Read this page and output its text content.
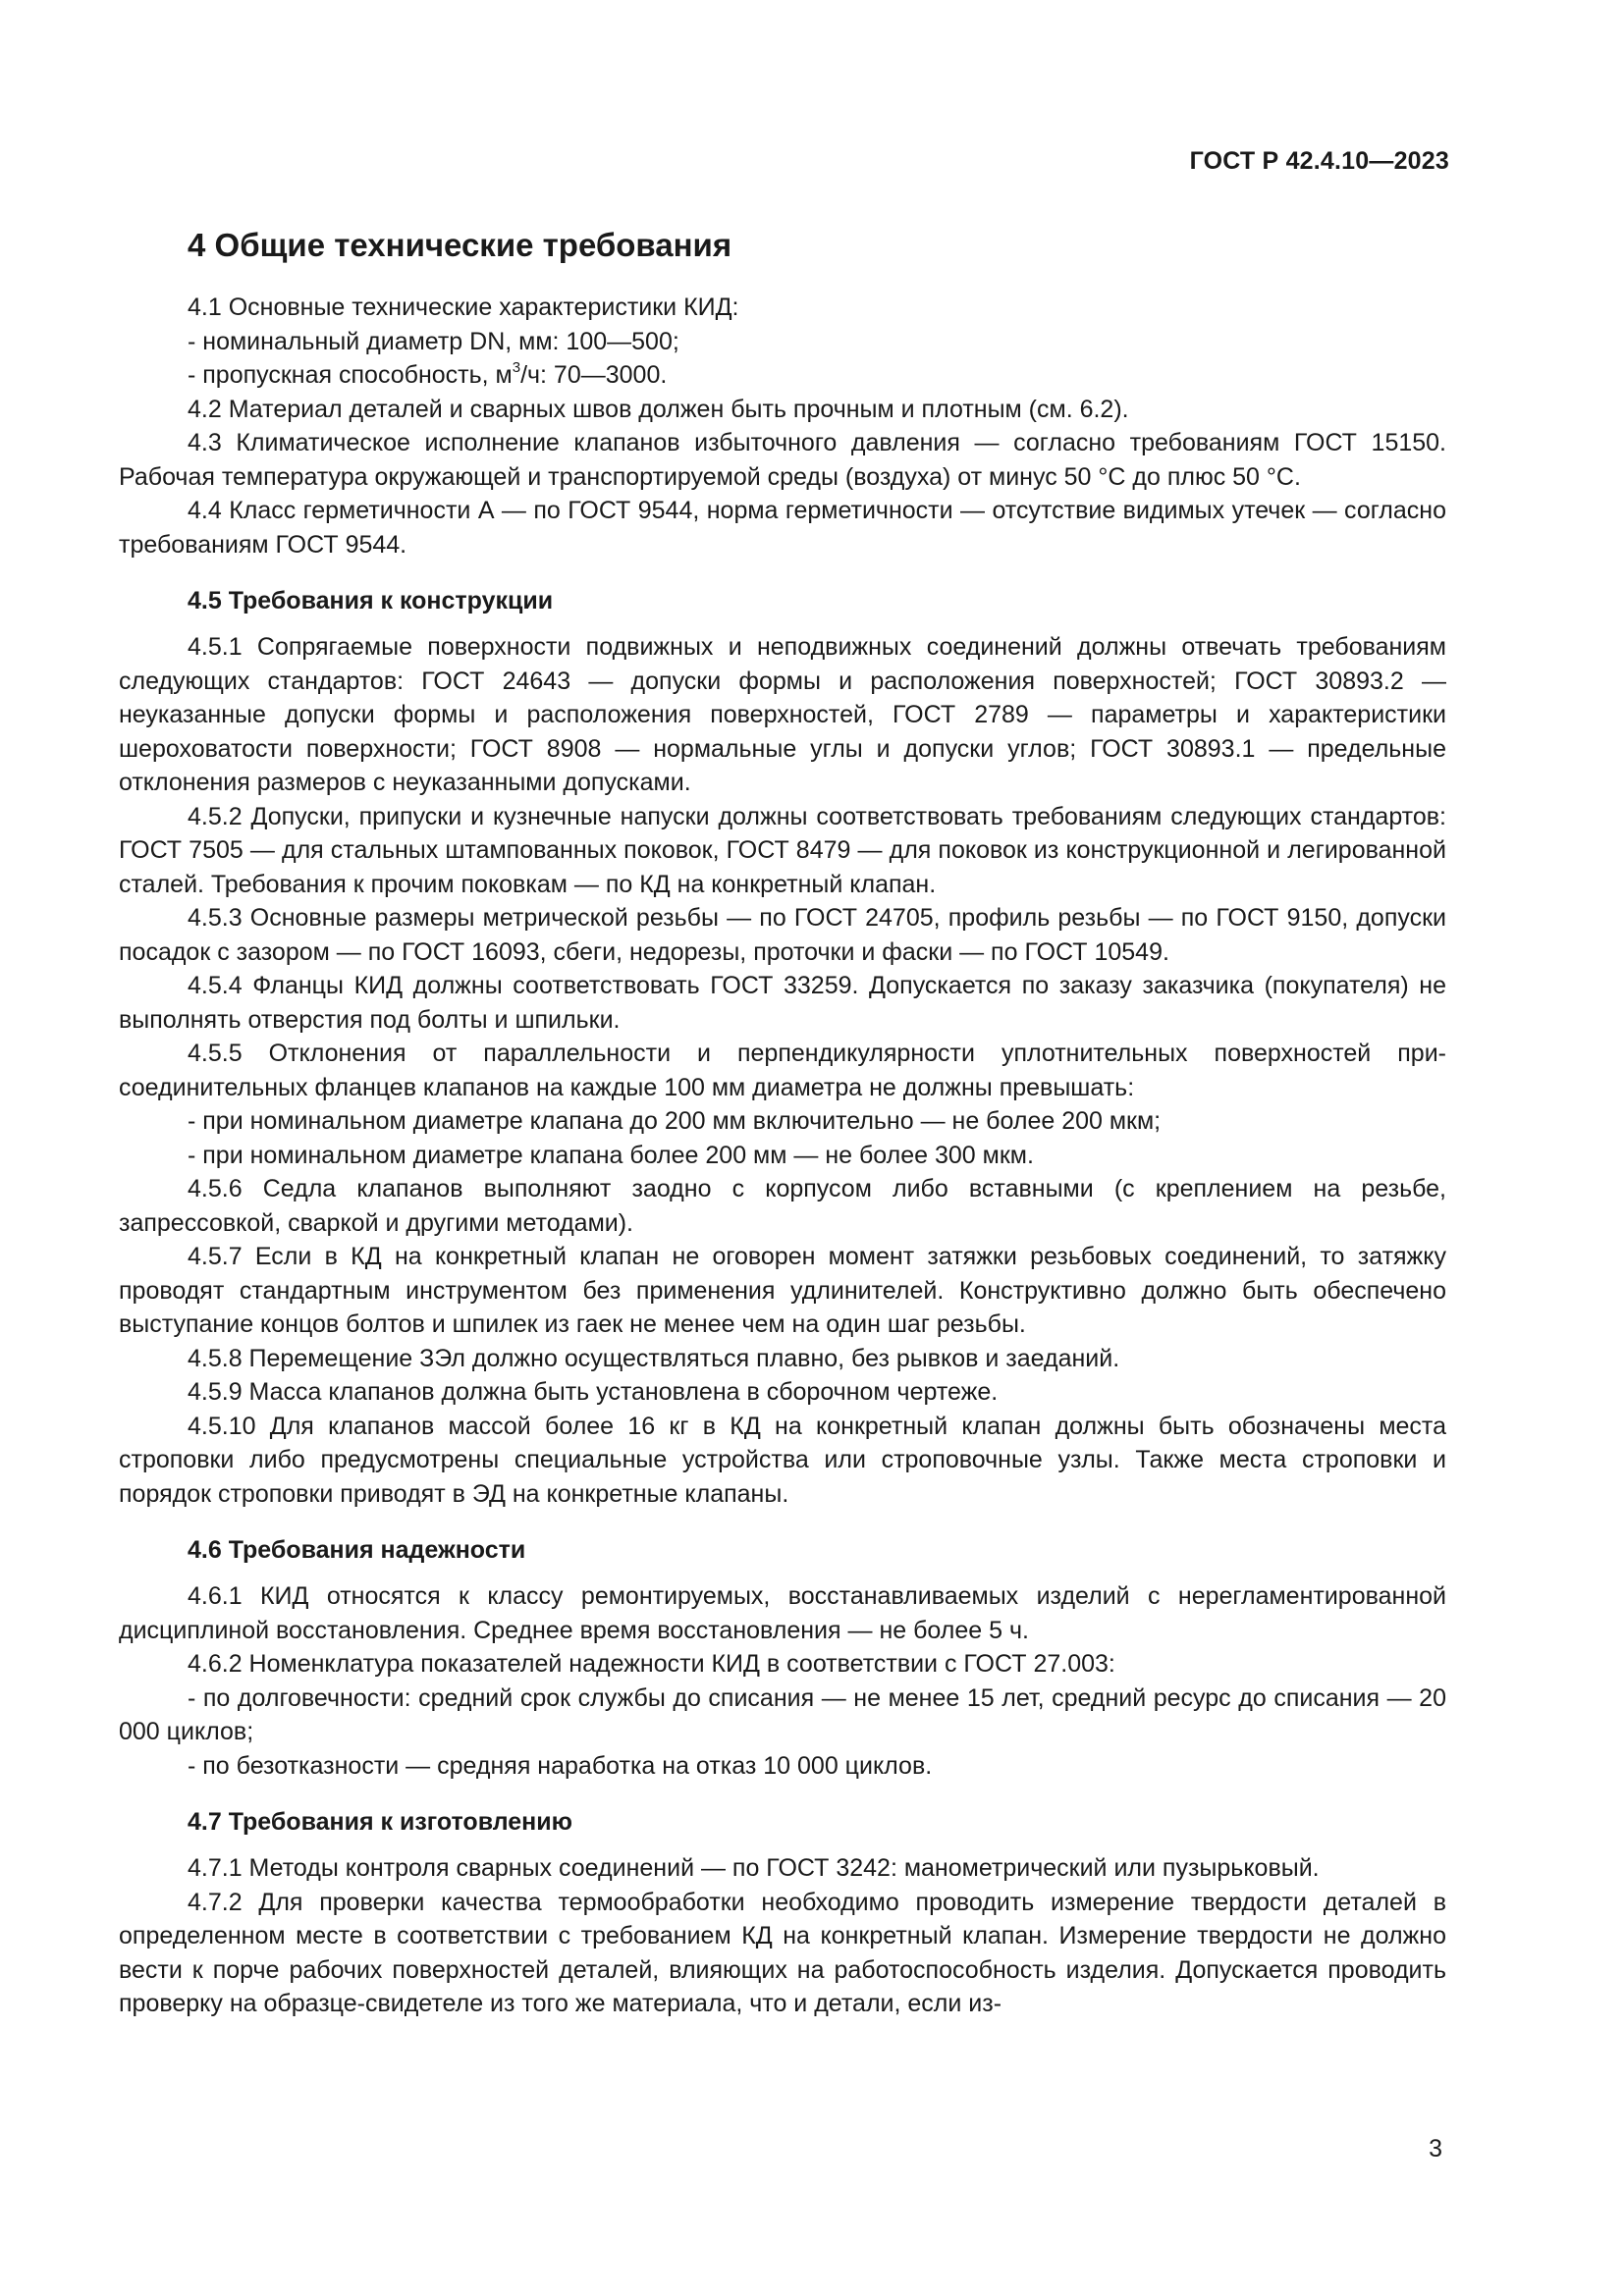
ГОСТ Р 42.4.10—2023
4 Общие технические требования

4.1 Основные технические характеристики КИД:

- номинальный диаметр DN, мм: 100—500;

- пропускная способность, $м^3/ч$: 70—3000.

4.2 Материал деталей и сварных швов должен быть прочным и плотным (см. 6.2).

4.3 Климатическое исполнение клапанов избыточного давления — согласно требованиям ГОСТ 15150. Рабочая температура окружающей и транспортируемой среды (воздуха) от минус 50 °С до плюс 50 °С.

4.4 Класс герметичности А — по ГОСТ 9544, норма герметичности — отсутствие видимых утечек — согласно требованиям ГОСТ 9544.

4.5 Требования к конструкции

4.5.1 Сопрягаемые поверхности подвижных и неподвижных соединений должны отвечать требованиям следующих стандартов: ГОСТ 24643 — допуски формы и расположения поверхностей; ГОСТ 30893.2 — неуказанные допуски формы и расположения поверхностей, ГОСТ 2789 — параметры и характеристики шероховатости поверхности; ГОСТ 8908 — нормальные углы и допуски углов; ГОСТ 30893.1 — предельные отклонения размеров с неуказанными допусками.

4.5.2 Допуски, припуски и кузнечные напуски должны соответствовать требованиям следующих стандартов: ГОСТ 7505 — для стальных штампованных поковок, ГОСТ 8479 — для поковок из конструкционной и легированной сталей. Требования к прочим поковкам — по КД на конкретный клапан.

4.5.3 Основные размеры метрической резьбы — по ГОСТ 24705, профиль резьбы — по ГОСТ 9150, допуски посадок с зазором — по ГОСТ 16093, сбеги, недорезы, проточки и фаски — по ГОСТ 10549.

4.5.4 Фланцы КИД должны соответствовать ГОСТ 33259. Допускается по заказу заказчика (покупателя) не выполнять отверстия под болты и шпильки.

4.5.5 Отклонения от параллельности и перпендикулярности уплотнительных поверхностей присоединительных фланцев клапанов на каждые 100 мм диаметра не должны превышать:

- при номинальном диаметре клапана до 200 мм включительно — не более 200 мкм;

- при номинальном диаметре клапана более 200 мм — не более 300 мкм.

4.5.6 Седла клапанов выполняют заодно с корпусом либо вставными (с креплением на резьбе, запрессовкой, сваркой и другими методами).

4.5.7 Если в КД на конкретный клапан не оговорен момент затяжки резьбовых соединений, то затяжку проводят стандартным инструментом без применения удлинителей. Конструктивно должно быть обеспечено выступание концов болтов и шпилек из гаек не менее чем на один шаг резьбы.

4.5.8 Перемещение ЗЭл должно осуществляться плавно, без рывков и заеданий.

4.5.9 Масса клапанов должна быть установлена в сборочном чертеже.

4.5.10 Для клапанов массой более 16 кг в КД на конкретный клапан должны быть обозначены места строповки либо предусмотрены специальные устройства или строповочные узлы. Также места строповки и порядок строповки приводят в ЭД на конкретные клапаны.

4.6 Требования надежности

4.6.1 КИД относятся к классу ремонтируемых, восстанавливаемых изделий с нерегламентированной дисциплиной восстановления. Среднее время восстановления — не более 5 ч.

4.6.2 Номенклатура показателей надежности КИД в соответствии с ГОСТ 27.003:

- по долговечности: средний срок службы до списания — не менее 15 лет, средний ресурс до списания — 20 000 циклов;

- по безотказности — средняя наработка на отказ 10 000 циклов.

4.7 Требования к изготовлению

4.7.1 Методы контроля сварных соединений — по ГОСТ 3242: манометрический или пузырьковый.

4.7.2 Для проверки качества термообработки необходимо проводить измерение твердости деталей в определенном месте в соответствии с требованием КД на конкретный клапан. Измерение твердости не должно вести к порче рабочих поверхностей деталей, влияющих на работоспособность изделия. Допускается проводить проверку на образце-свидетеле из того же материала, что и детали, если из-

3
